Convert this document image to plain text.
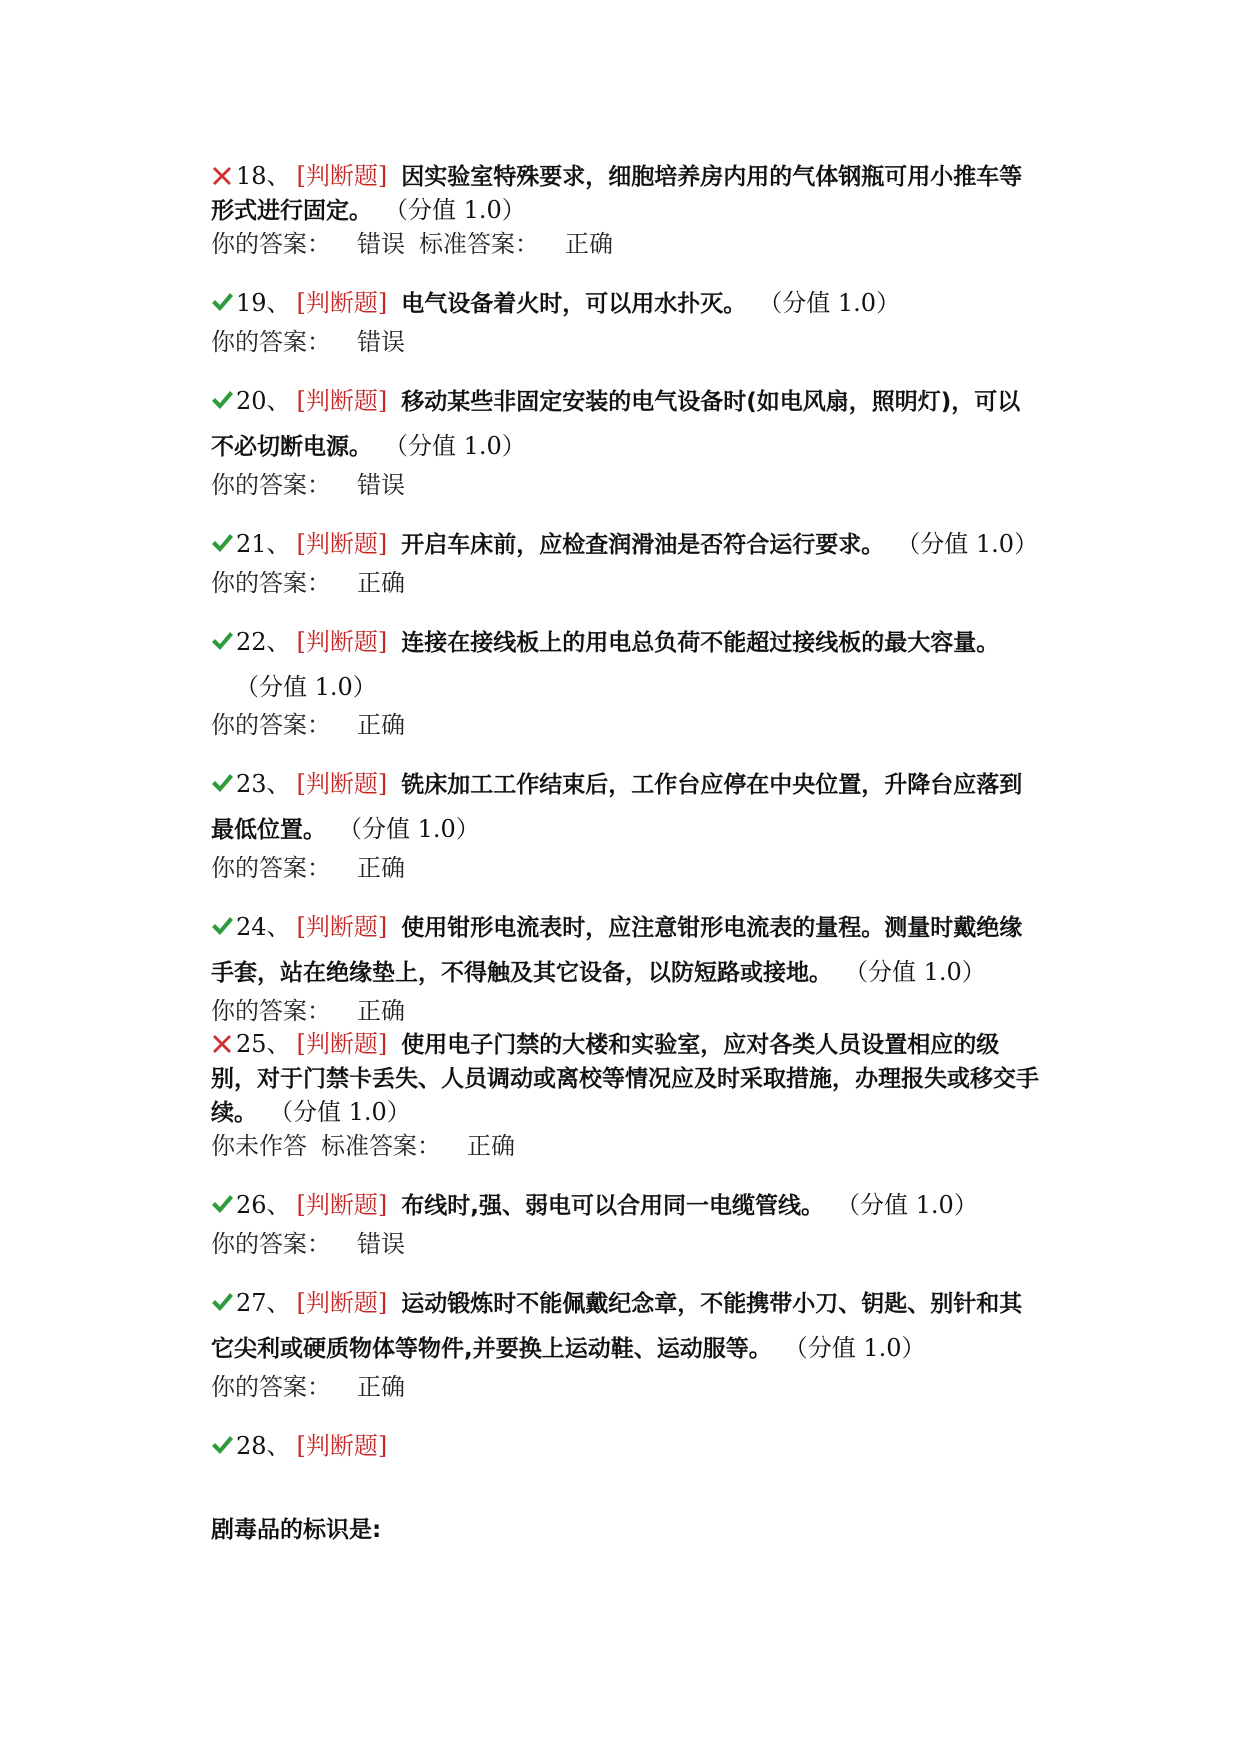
18、 [判断题] 因实验室特殊要求，细胞培养房内用的气体钢瓶可用小推车等形式进行固定。 （分值 1.0）
你的答案： 错误 标准答案： 正确
19、 [判断题] 电气设备着火时，可以用水扑灭。 （分值 1.0）
你的答案： 错误
20、 [判断题] 移动某些非固定安装的电气设备时(如电风扇，照明灯)，可以不必切断电源。 （分值 1.0）
你的答案： 错误
21、 [判断题] 开启车床前，应检查润滑油是否符合运行要求。 （分值 1.0）
你的答案： 正确
22、 [判断题] 连接在接线板上的用电总负荷不能超过接线板的最大容量。（分值 1.0）
你的答案： 正确
23、 [判断题] 铣床加工工作结束后，工作台应停在中央位置，升降台应落到最低位置。 （分值 1.0）
你的答案： 正确
24、 [判断题] 使用钳形电流表时，应注意钳形电流表的量程。测量时戴绝缘手套，站在绝缘垫上，不得触及其它设备，以防短路或接地。 （分值 1.0）
你的答案： 正确
25、 [判断题] 使用电子门禁的大楼和实验室，应对各类人员设置相应的级别，对于门禁卡丢失、人员调动或离校等情况应及时采取措施，办理报失或移交手续。 （分值 1.0）
你未作答 标准答案： 正确
26、 [判断题] 布线时,强、弱电可以合用同一电缆管线。 （分值 1.0）
你的答案： 错误
27、 [判断题] 运动锻炼时不能佩戴纪念章，不能携带小刀、钥匙、别针和其它尖利或硬质物体等物件,并要换上运动鞋、运动服等。 （分值 1.0）
你的答案： 正确
28、 [判断题]
剧毒品的标识是:
